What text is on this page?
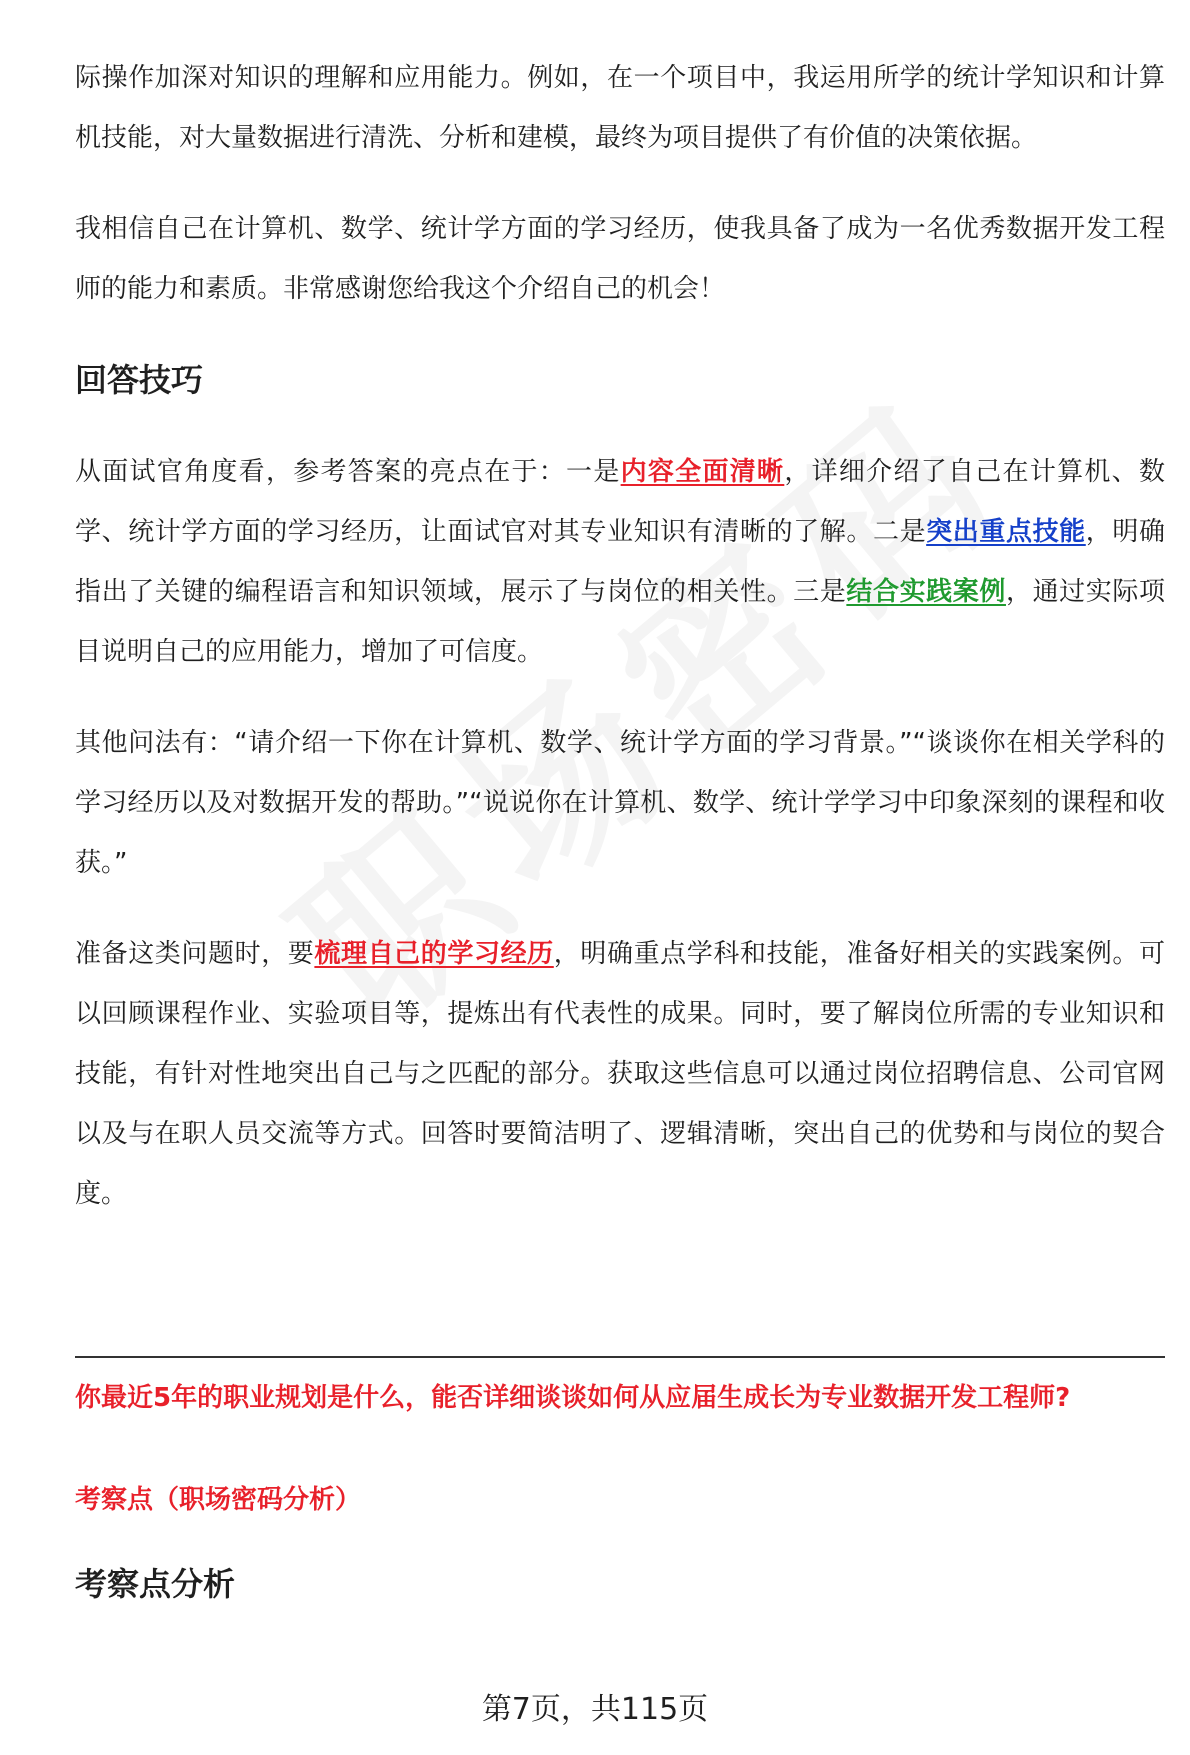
际操作加深对知识的理解和应用能力。例如，在一个项目中，我运用所学的统计学知识和计算机技能，对大量数据进行清洗、分析和建模，最终为项目提供了有价值的决策依据。

我相信自己在计算机、数学、统计学方面的学习经历，使我具备了成为一名优秀数据开发工程师的能力和素质。非常感谢您给我这个介绍自己的机会！

回答技巧

从面试官角度看，参考答案的亮点在于：一是内容全面清晰，详细介绍了自己在计算机、数学、统计学方面的学习经历，让面试官对其专业知识有清晰的了解。二是突出重点技能，明确指出了关键的编程语言和知识领域，展示了与岗位的相关性。三是结合实践案例，通过实际项目说明自己的应用能力，增加了可信度。

其他问法有：“请介绍一下你在计算机、数学、统计学方面的学习背景。”“谈谈你在相关学科的学习经历以及对数据开发的帮助。”“说说你在计算机、数学、统计学学习中印象深刻的课程和收获。”

准备这类问题时，要梳理自己的学习经历，明确重点学科和技能，准备好相关的实践案例。可以回顾课程作业、实验项目等，提炼出有代表性的成果。同时，要了解岗位所需的专业知识和技能，有针对性地突出自己与之匹配的部分。获取这些信息可以通过岗位招聘信息、公司官网以及与在职人员交流等方式。回答时要简洁明了、逻辑清晰，突出自己的优势和与岗位的契合度。

你最近5年的职业规划是什么，能否详细谈谈如何从应届生成长为专业数据开发工程师?
考察点（职场密码分析）
考察点分析
第7页，共115页
